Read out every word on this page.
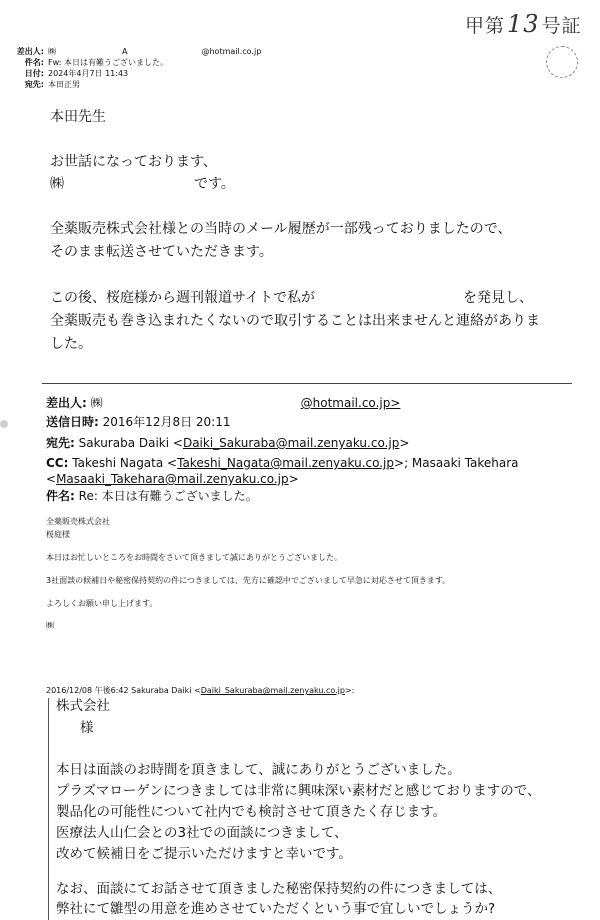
甲第13 号証
差出人: ㈱	A	@hotmail.co.jp
件名: Fw: 本日は有難うございました。
日付: 2024年4月7日 11:43
宛先: 本田正男
本田先生
お世話になっております、
㈱	です。
全薬販売株式会社様との当時のメール履歴が一部残っておりましたので、
そのまま転送させていただきます。
この後、桜庭様から週刊報道サイトで私が	を発見し、
全薬販売も巻き込まれたくないので取引することは出来ませんと連絡がありま
した。
差出人: ㈱	@hotmail.co.jp>
送信日時: 2016年12月8日 20:11
宛先: Sakuraba Daiki <Daiki_Sakuraba@mail.zenyaku.co.jp>
CC: Takeshi Nagata <Takeshi_Nagata@mail.zenyaku.co.jp>; Masaaki Takehara
<Masaaki_Takehara@mail.zenyaku.co.jp>
件名: Re: 本日は有難うございました。
全薬販売株式会社
桜庭様
本日はお忙しいところをお時間をさいて頂きまして誠にありがとうございました。
3社面談の候補日や秘密保持契約の件につきましては、先方に確認中でございまして早急に対応させて頂きます。
よろしくお願い申し上げます。
㈱
2016/12/08 午後6:42 Sakuraba Daiki <Daiki_Sakuraba@mail.zenyaku.co.jp>:
株式会社
様
本日は面談のお時間を頂きまして、誠にありがとうございました。
プラズマローゲンにつきましては非常に興味深い素材だと感じておりますので、
製品化の可能性について社内でも検討させて頂きたく存じます。
医療法人山仁会との3社での面談につきまして、
改めて候補日をご提示いただけますと幸いです。
なお、面談にてお話させて頂きました秘密保持契約の件につきましては、
弊社にて雛型の用意を進めさせていただくという事で宜しいでしょうか?
